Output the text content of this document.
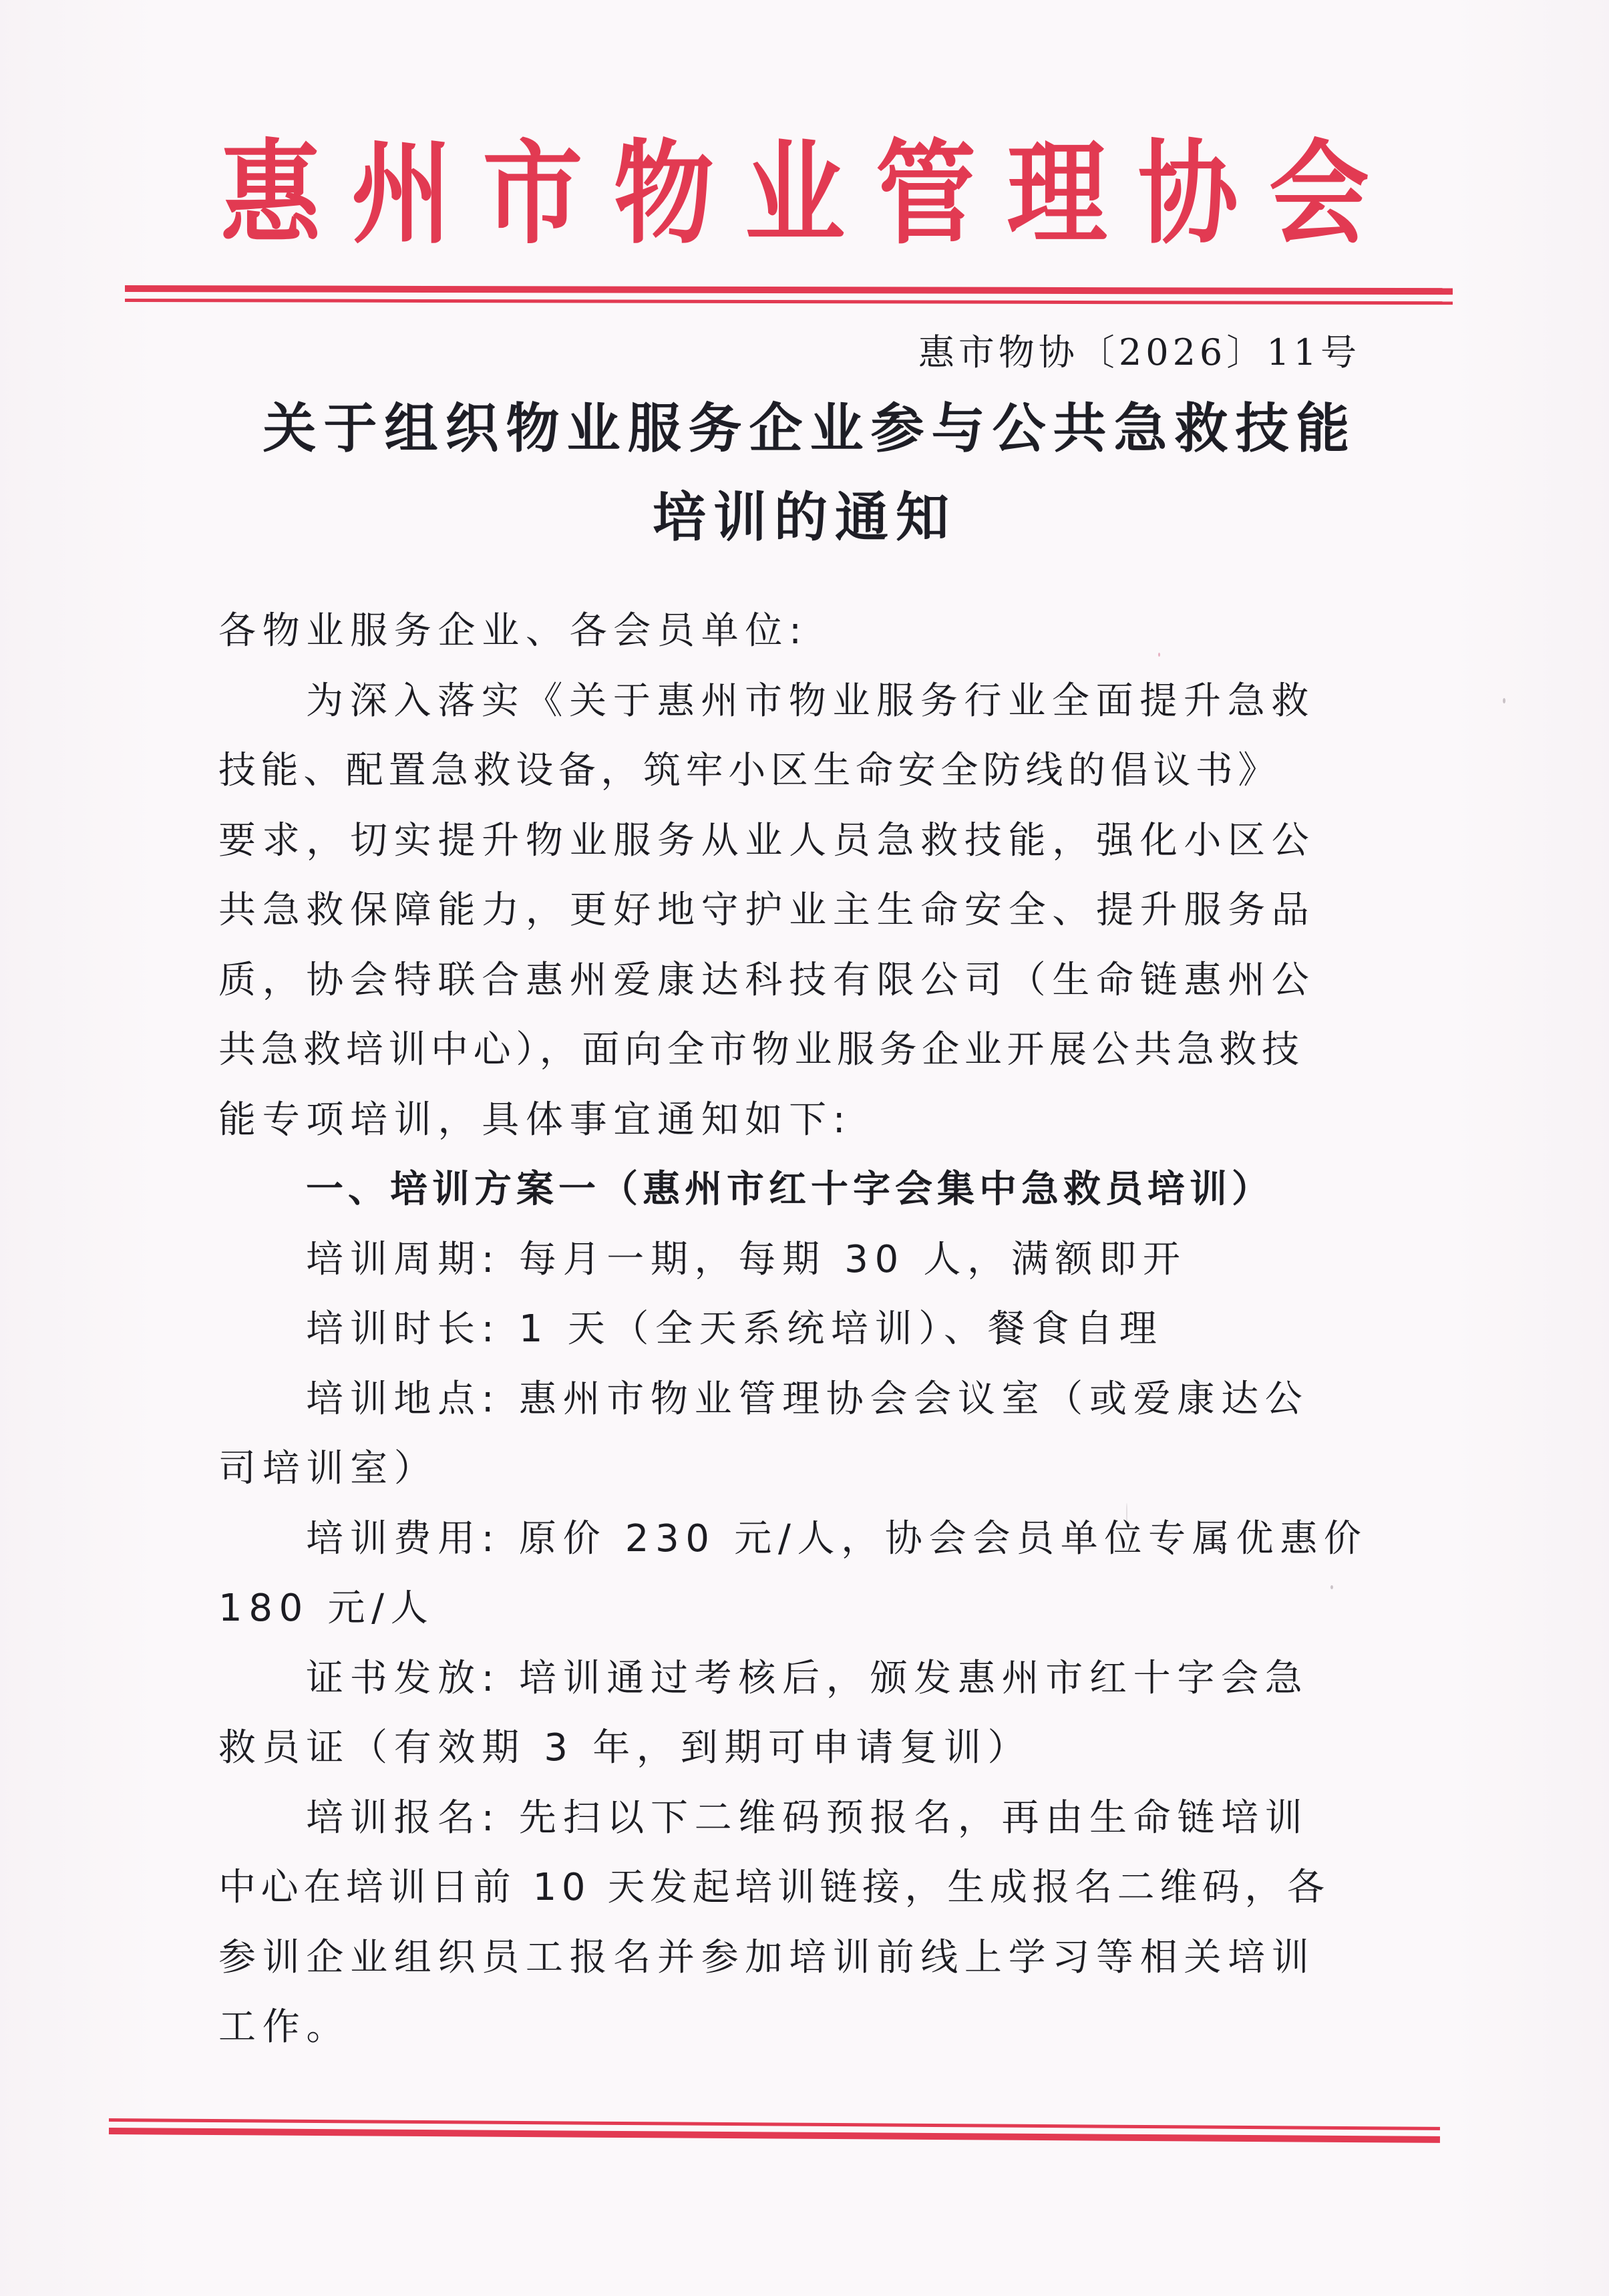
惠 州 市 物 业 管 理 协 会
惠市物协〔2026〕11号
关于组织物业服务企业参与公共急救技能
培训的通知
各物业服务企业、各会员单位:
为深入落实《关于惠州市物业服务行业全面提升急救
技能、配置急救设备，筑牢小区生命安全防线的倡议书》
要求，切实提升物业服务从业人员急救技能，强化小区公
共急救保障能力，更好地守护业主生命安全、提升服务品
质，协会特联合惠州爱康达科技有限公司（生命链惠州公
共急救培训中心），面向全市物业服务企业开展公共急救技
能专项培训，具体事宜通知如下:
一、培训方案一（惠州市红十字会集中急救员培训）
培训周期: 每月一期，每期 30 人，满额即开
培训时长: 1 天（全天系统培训）、餐食自理
培训地点: 惠州市物业管理协会会议室（或爱康达公
司培训室）
培训费用: 原价 230 元/人，协会会员单位专属优惠价
180 元/人
证书发放: 培训通过考核后，颁发惠州市红十字会急
救员证（有效期 3 年，到期可申请复训）
培训报名: 先扫以下二维码预报名，再由生命链培训
中心在培训日前 10 天发起培训链接，生成报名二维码，各
参训企业组织员工报名并参加培训前线上学习等相关培训
工作。
